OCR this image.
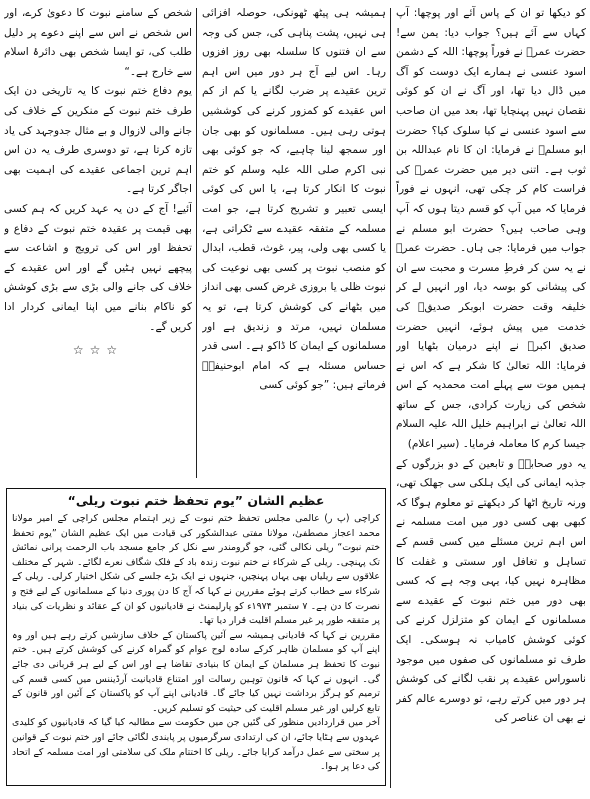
کو دیکھا تو ان کے پاس آئے اور پوچھا: آپ کہاں سے آئے ہیں؟ جواب دیا: یمن سے! حضرت عمرؓ نے فوراً پوچھا: اللہ کے دشمن اسود عنسی نے ہمارے ایک دوست کو آگ میں ڈال دیا تھا، اور آگ نے ان کو کوئی نقصان نہیں پہنچایا تھا، بعد میں ان صاحب سے اسود عنسی نے کیا سلوک کیا؟ حضرت ابو مسلمؒ نے فرمایا: ان کا نام عبداللہ بن ثوب ہے۔ اتنی دیر میں حضرت عمرؓ کی فراست کام کر چکی تھی، انہوں نے فوراً فرمایا کہ میں آپ کو قسم دیتا ہوں کہ آپ وہی صاحب ہیں؟ حضرت ابو مسلم نے جواب میں فرمایا: جی ہاں۔ حضرت عمرؓ نے یہ سن کر فرطِ مسرت و محبت سے ان کی پیشانی کو بوسہ دیا، اور انہیں لے کر خلیفہ وقت حضرت ابوبکر صدیقؓ کی خدمت میں پیش ہوئے، انہیں حضرت صدیق اکبرؓ نے اپنے درمیان بٹھایا اور فرمایا: اللہ تعالیٰ کا شکر ہے کہ اس نے ہمیں موت سے پہلے امت محمدیہ کے اس شخص کی زیارت کرادی، جس کے ساتھ اللہ تعالیٰ نے ابراہیم خلیل اللہ علیہ السلام جیسا کرم کا معاملہ فرمایا۔ (سیر اعلام)

یہ دور صحابہؓ و تابعین کے دو بزرگوں کے جذبہ ایمانی کی ایک ہلکی سی جھلک تھی، ورنہ تاریخ اٹھا کر دیکھتے تو معلوم ہوگا کہ کبھی بھی کسی دور میں امت مسلمہ نے اس اہم ترین مسئلے میں کسی قسم کے تساہل و تغافل اور سستی و غفلت کا مظاہرہ نہیں کیا، یہی وجہ ہے کہ کسی بھی دور میں ختم نبوت کے عقیدے سے مسلمانوں کے ایمان کو متزلزل کرنے کی کوئی کوشش کامیاب نہ ہوسکی۔ ایک طرف تو مسلمانوں کی صفوں میں موجود ناسوراس عقیدے پر نقب لگانے کی کوشش ہر دور میں کرتے رہے، تو دوسرے عالم کفر نے بھی ان عناصر کی

ہمیشہ ہی پیٹھ ٹھونکی، حوصلہ افزائی ہی نہیں، پشت پناہی کی، جس کی وجہ سے ان فتنوں کا سلسلہ بھی روز افزوں رہا۔ اس لیے آج ہر دور میں اس اہم ترین عقیدے پر ضرب لگانے یا کم از کم اس عقیدے کو کمزور کرنے کی کوششیں ہوتی رہی ہیں۔ مسلمانوں کو بھی جان اور سمجھ لینا چاہیے، کہ جو کوئی بھی نبی اکرم صلی اللہ علیہ وسلم کو ختم نبوت کا انکار کرتا ہے، یا اس کی کوئی ایسی تعبیر و تشریح کرتا ہے، جو امت مسلمہ کے متفقہ عقیدے سے ٹکراتی ہے، یا کسی بھی ولی، پیر، غوث، قطب، ابدال کو منصب نبوت پر کسی بھی نوعیت کی نبوت ظلی یا بروزی غرض کسی بھی انداز میں بٹھانے کی کوشش کرتا ہے، تو یہ مسلمان نہیں، مرتد و زندیق ہے اور مسلمانوں کے ایمان کا ڈاکو ہے۔ اسی قدر حساس مسئلہ ہے کہ امام ابوحنیفہؒ فرماتے ہیں: ”جو کوئی کسی

شخص کے سامنے نبوت کا دعویٰ کرے، اور اس شخص نے اس سے اپنے دعوے پر دلیل طلب کی، تو ایسا شخص بھی دائرۂ اسلام سے خارج ہے۔“

یوم دفاع ختم نبوت کا یہ تاریخی دن ایک طرف ختم نبوت کے منکرین کے خلاف کی جانے والی لازوال و بے مثال جدوجہد کی یاد تازہ کرتا ہے، تو دوسری طرف یہ دن اس اہم ترین اجماعی عقیدے کی اہمیت بھی اجاگر کرتا ہے۔

آئیے! آج کے دن یہ عہد کریں کہ ہم کسی بھی قیمت پر عقیدہ ختم نبوت کے دفاع و تحفظ اور اس کی ترویج و اشاعت سے پیچھے نہیں ہٹیں گے اور اس عقیدے کے خلاف کی جانے والی بڑی سے بڑی کوشش کو ناکام بنانے میں اپنا ایمانی کردار ادا کریں گے۔

☆☆☆
عظیم الشان ”یوم تحفظ ختم نبوت ریلی“

کراچی (پ ر) عالمی مجلس تحفظ ختم نبوت کے زیر اہتمام مجلس کراچی کے امیر مولانا محمد اعجاز مصطفیٰ، مولانا مفتی عبدالشکور کی قیادت میں ایک عظیم الشان ”یوم تحفظ ختم نبوت“ ریلی نکالی گئی، جو گرومندر سے نکل کر جامع مسجد باب الرحمت پرانی نمائش تک پہنچی۔ ریلی کے شرکاء نے ختم نبوت زندہ باد کے فلک شگاف نعرے لگائے۔ شہر کے مختلف علاقوں سے ریلیاں بھی یہاں پہنچیں، جنہوں نے ایک بڑے جلسے کی شکل اختیار کرلی۔ ریلی کے شرکاء سے خطاب کرتے ہوئے مقررین نے کہا کہ آج کا دن پوری دنیا کے مسلمانوں کے لیے فتح و نصرت کا دن ہے۔ ۷ ستمبر ۱۹۷۴ء کو پارلیمنٹ نے قادیانیوں کو ان کے عقائد و نظریات کی بنیاد پر متفقہ طور پر غیر مسلم اقلیت قرار دیا تھا۔

مقررین نے کہا کہ قادیانی ہمیشہ سے آئین پاکستان کے خلاف سازشیں کرتے رہے ہیں اور وہ اپنے آپ کو مسلمان ظاہر کرکے سادہ لوح عوام کو گمراہ کرنے کی کوشش کرتے ہیں۔ ختم نبوت کا تحفظ ہر مسلمان کے ایمان کا بنیادی تقاضا ہے اور اس کے لیے ہر قربانی دی جائے گی۔ انہوں نے کہا کہ قانون توہین رسالت اور امتناع قادیانیت آرڈیننس میں کسی قسم کی ترمیم کو ہرگز برداشت نہیں کیا جائے گا۔ قادیانی اپنے آپ کو پاکستان کے آئین اور قانون کے تابع کرلیں اور غیر مسلم اقلیت کی حیثیت کو تسلیم کریں۔

آخر میں قراردادیں منظور کی گئیں جن میں حکومت سے مطالبہ کیا گیا کہ قادیانیوں کو کلیدی عہدوں سے ہٹایا جائے، ان کی ارتدادی سرگرمیوں پر پابندی لگائی جائے اور ختم نبوت کے قوانین پر سختی سے عمل درآمد کرایا جائے۔ ریلی کا اختتام ملک کی سلامتی اور امت مسلمہ کے اتحاد کی دعا پر ہوا۔
